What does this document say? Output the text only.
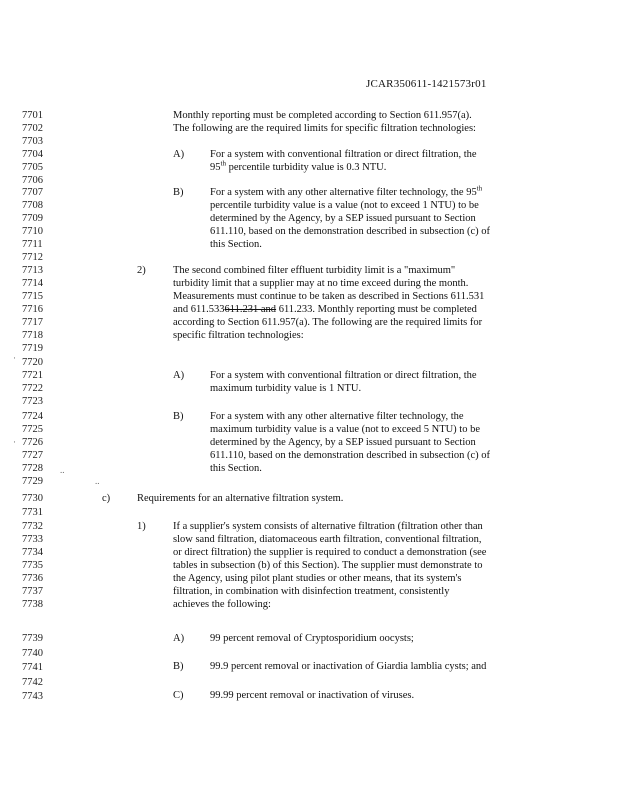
JCAR350611-1421573r01
7701
7702
7703
7704
7705
7706
7707
7708
7709
7710
7711
7712
7713
7714
7715
7716
7717
7718
7719
7720
7721
7722
7723
7724
7725
7726
7727
7728
7729
7730
7731
7732
7733
7734
7735
7736
7737
7738
7739
7740
7741
7742
7743
Monthly reporting must be completed according to Section 611.957(a).
The following are the required limits for specific filtration technologies:
A) For a system with conventional filtration or direct filtration, the
95th percentile turbidity value is 0.3 NTU.
B)	For a system with any other alternative filter technology, the 95th
percentile turbidity value is a value (not to exceed 1 NTU) to be
determined by the Agency, by a SEP issued pursuant to Section
611.110, based on the demonstration described in subsection (c) of
this Section.
2)	The second combined filter effluent turbidity limit is a "maximum"
turbidity limit that a supplier may at no time exceed during the month.
Measurements must continue to be taken as described in Sections 611.531
and 611.533611.231 and 611.233. Monthly reporting must be completed
according to Section 611.957(a). The following are the required limits for
specific filtration technologies:
A) For a system with conventional filtration or direct filtration, the
maximum turbidity value is 1 NTU.
B)	For a system with any other alternative filter technology, the
maximum turbidity value is a value (not to exceed 5 NTU) to be
determined by the Agency, by a SEP issued pursuant to Section
611.110, based on the demonstration described in subsection (c) of
this Section.
c)	Requirements for an alternative filtration system.
1)	If a supplier's system consists of alternative filtration (filtration other than
slow sand filtration, diatomaceous earth filtration, conventional filtration,
or direct filtration) the supplier is required to conduct a demonstration (see
tables in subsection (b) of this Section). The supplier must demonstrate to
the Agency, using pilot plant studies or other means, that its system's
filtration, in combination with disinfection treatment, consistently
achieves the following:
A) 99 percent removal of Cryptosporidium oocysts;
B)	99.9 percent removal or inactivation of Giardia lamblia cysts; and
C)	99.99 percent removal or inactivation of viruses.
·
·
..
..
